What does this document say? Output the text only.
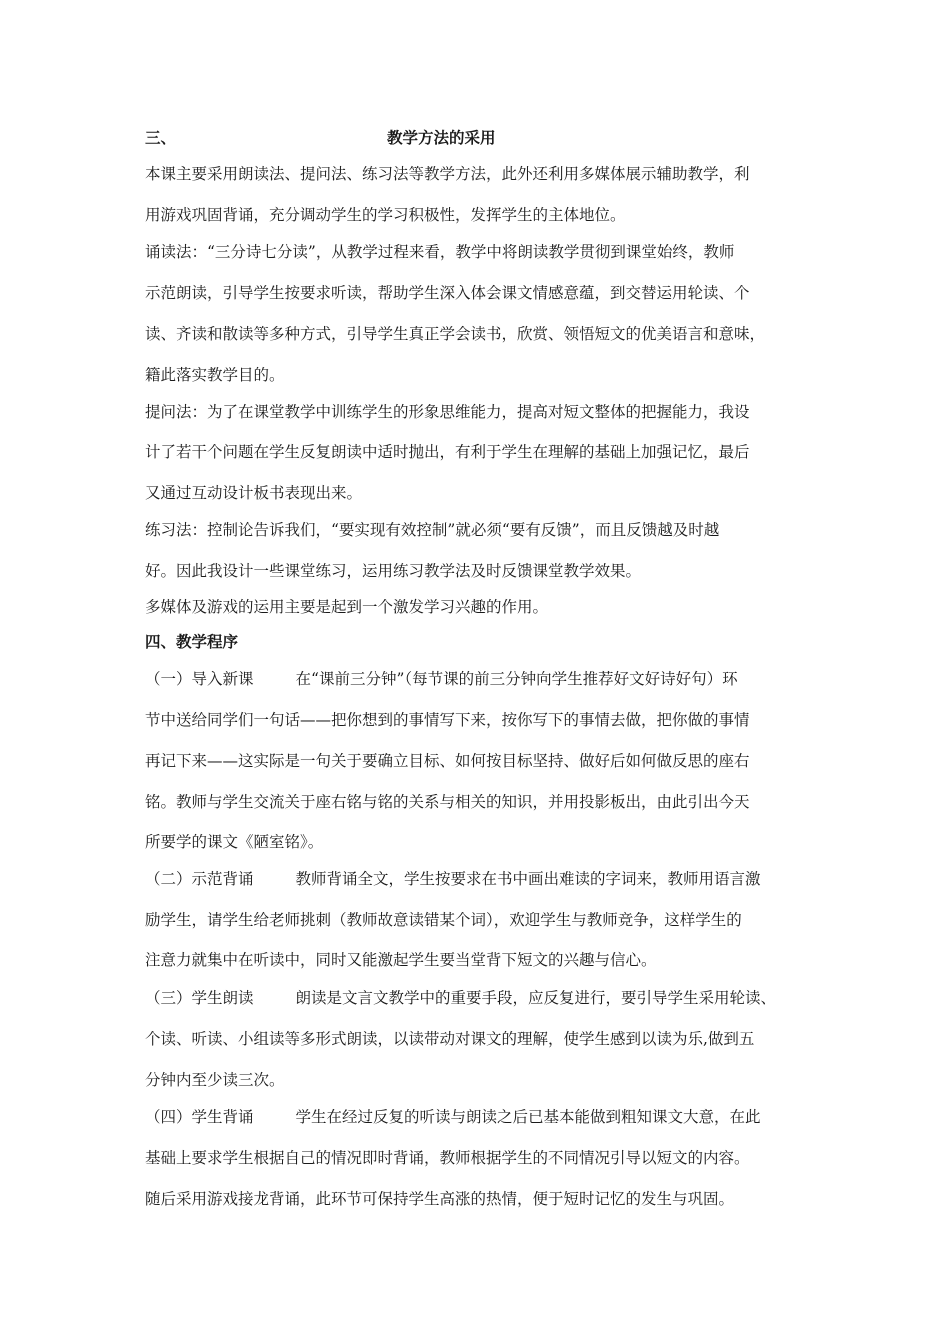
三、	教学方法的采用
本课主要采用朗读法、提问法、练习法等教学方法，此外还利用多媒体展示辅助教学，利
用游戏巩固背诵，充分调动学生的学习积极性，发挥学生的主体地位。
诵读法：“三分诗七分读”，从教学过程来看，教学中将朗读教学贯彻到课堂始终，教师
示范朗读，引导学生按要求听读，帮助学生深入体会课文情感意蕴，到交替运用轮读、个
读、齐读和散读等多种方式，引导学生真正学会读书，欣赏、领悟短文的优美语言和意味，
籍此落实教学目的。
提问法：为了在课堂教学中训练学生的形象思维能力，提高对短文整体的把握能力，我设
计了若干个问题在学生反复朗读中适时抛出，有利于学生在理解的基础上加强记忆，最后
又通过互动设计板书表现出来。
练习法：控制论告诉我们，“要实现有效控制”就必须“要有反馈”，而且反馈越及时越
好。因此我设计一些课堂练习，运用练习教学法及时反馈课堂教学效果。
多媒体及游戏的运用主要是起到一个激发学习兴趣的作用。
四、教学程序
（一）导入新课	在“课前三分钟”（每节课的前三分钟向学生推荐好文好诗好句）环
节中送给同学们一句话——把你想到的事情写下来，按你写下的事情去做，把你做的事情
再记下来——这实际是一句关于要确立目标、如何按目标坚持、做好后如何做反思的座右
铭。教师与学生交流关于座右铭与铭的关系与相关的知识，并用投影板出，由此引出今天
所要学的课文《陋室铭》。
（二）示范背诵	教师背诵全文，学生按要求在书中画出难读的字词来，教师用语言激
励学生，请学生给老师挑刺（教师故意读错某个词），欢迎学生与教师竞争，这样学生的
注意力就集中在听读中，同时又能激起学生要当堂背下短文的兴趣与信心。
（三）学生朗读	朗读是文言文教学中的重要手段，应反复进行，要引导学生采用轮读、
个读、听读、小组读等多形式朗读，以读带动对课文的理解，使学生感到以读为乐,做到五
分钟内至少读三次。
（四）学生背诵	学生在经过反复的听读与朗读之后已基本能做到粗知课文大意，在此
基础上要求学生根据自己的情况即时背诵，教师根据学生的不同情况引导以短文的内容。
随后采用游戏接龙背诵，此环节可保持学生高涨的热情，便于短时记忆的发生与巩固。
